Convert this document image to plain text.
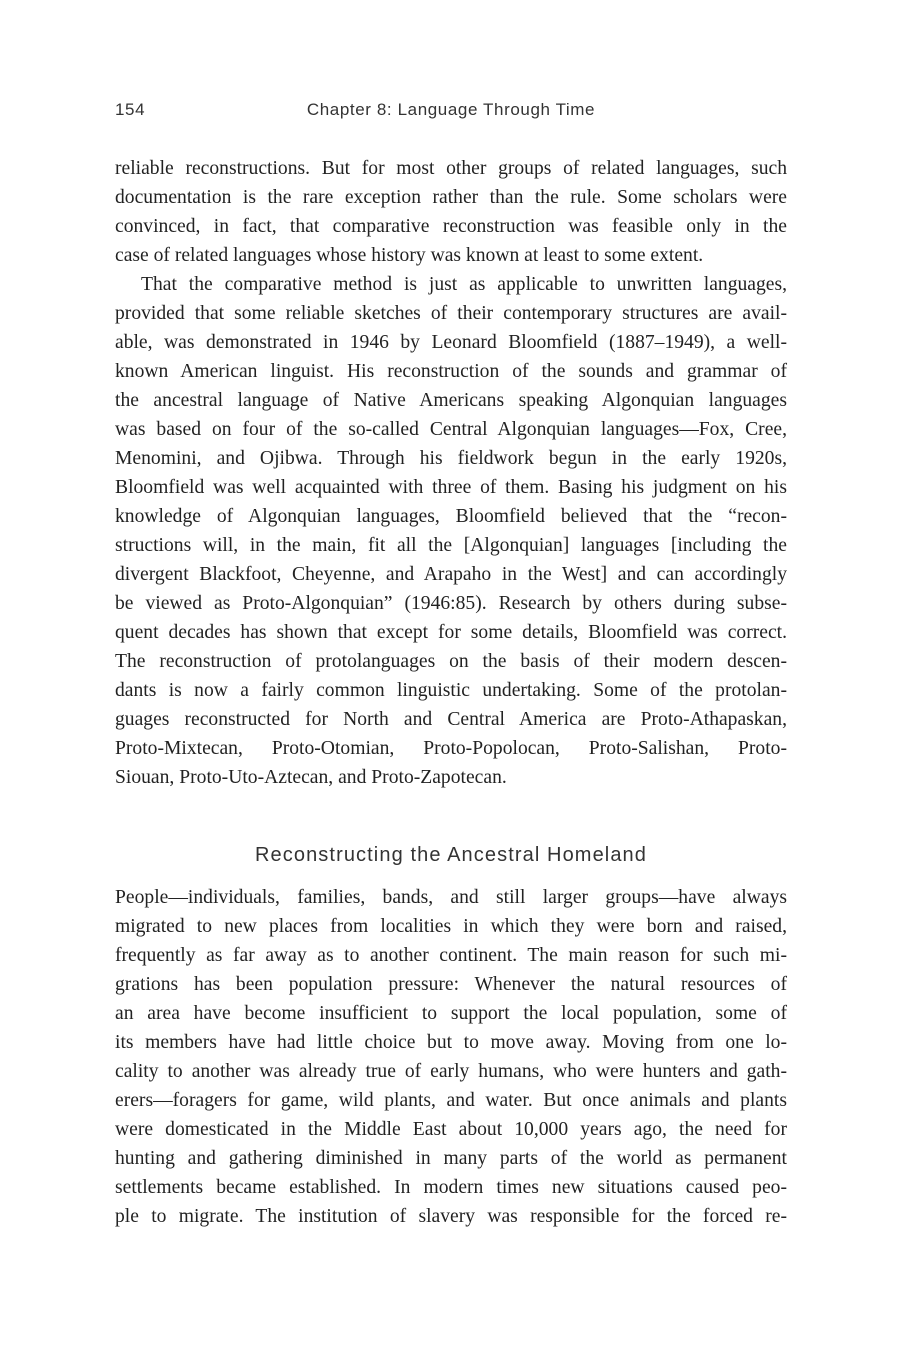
154	Chapter 8: Language Through Time
reliable reconstructions. But for most other groups of related languages, such
documentation is the rare exception rather than the rule. Some scholars were
convinced, in fact, that comparative reconstruction was feasible only in the
case of related languages whose history was known at least to some extent.
That the comparative method is just as applicable to unwritten languages,
provided that some reliable sketches of their contemporary structures are avail-
able, was demonstrated in 1946 by Leonard Bloomfield (1887–1949), a well-
known American linguist. His reconstruction of the sounds and grammar of
the ancestral language of Native Americans speaking Algonquian languages
was based on four of the so-called Central Algonquian languages—Fox, Cree,
Menomini, and Ojibwa. Through his fieldwork begun in the early 1920s,
Bloomfield was well acquainted with three of them. Basing his judgment on his
knowledge of Algonquian languages, Bloomfield believed that the “recon-
structions will, in the main, fit all the [Algonquian] languages [including the
divergent Blackfoot, Cheyenne, and Arapaho in the West] and can accordingly
be viewed as Proto-Algonquian” (1946:85). Research by others during subse-
quent decades has shown that except for some details, Bloomfield was correct.
The reconstruction of protolanguages on the basis of their modern descen-
dants is now a fairly common linguistic undertaking. Some of the protolan-
guages reconstructed for North and Central America are Proto-Athapaskan,
Proto-Mixtecan, Proto-Otomian, Proto-Popolocan, Proto-Salishan, Proto-
Siouan, Proto-Uto-Aztecan, and Proto-Zapotecan.
Reconstructing the Ancestral Homeland
People—individuals, families, bands, and still larger groups—have always
migrated to new places from localities in which they were born and raised,
frequently as far away as to another continent. The main reason for such mi-
grations has been population pressure: Whenever the natural resources of
an area have become insufficient to support the local population, some of
its members have had little choice but to move away. Moving from one lo-
cality to another was already true of early humans, who were hunters and gath-
erers—foragers for game, wild plants, and water. But once animals and plants
were domesticated in the Middle East about 10,000 years ago, the need for
hunting and gathering diminished in many parts of the world as permanent
settlements became established. In modern times new situations caused peo-
ple to migrate. The institution of slavery was responsible for the forced re-
